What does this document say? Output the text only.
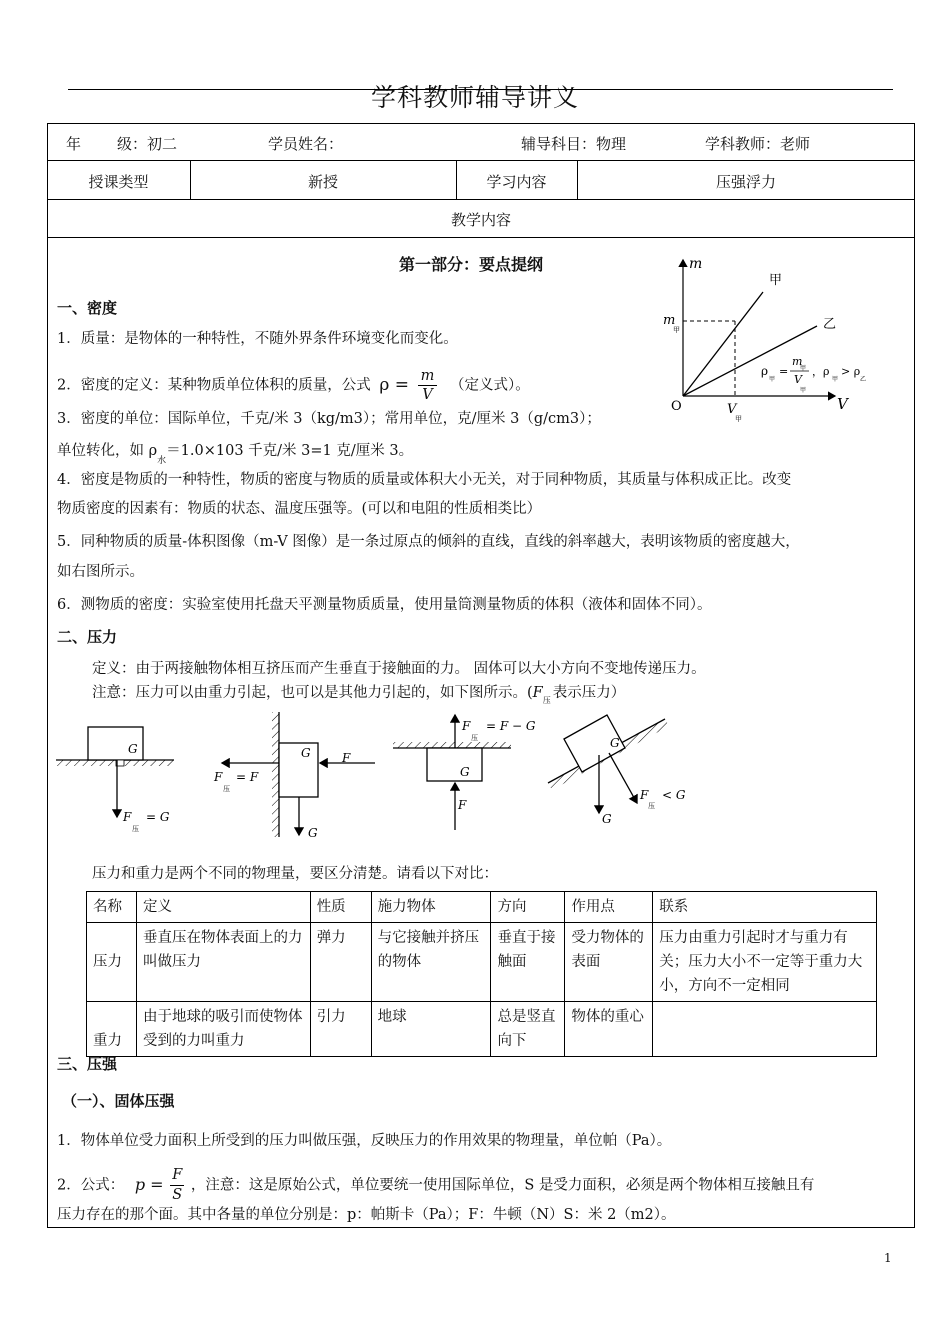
学科教师辅导讲义
年 级：初二	学员姓名：	辅导科目：物理	学科教师：老师
授课类型	新授	学习内容	压强浮力
教学内容
第一部分：要点提纲
一、密度
1．质量：是物体的一种特性，不随外界条件环境变化而变化。
2．密度的定义：某种物质单位体积的质量，公式 $\rho = \frac{m}{V}$ （定义式）。
3．密度的单位：国际单位，千克/米 3（kg/m3）；常用单位，克/厘米 3（g/cm3）；
单位转化，如 $\rho_水=1.0\times 103$ 千克/米 3=1 克/厘米 3。
4．密度是物质的一种特性，物质的密度与物质的质量或体积大小无关，对于同种物质，其质量与体积成正比。改变
物质密度的因素有：物质的状态、温度压强等。(可以和电阻的性质相类比）
5．同种物质的质量-体积图像（m-V 图像）是一条过原点的倾斜的直线，直线的斜率越大，表明该物质的密度越大，
如右图所示。
6．测物质的密度：实验室使用托盘天平测量物质质量，使用量筒测量物质的体积（液体和固体不同）。
m
V
O
甲
乙
m
甲
V
甲
ρ
甲
=
m
甲
V
甲
，ρ
甲
> ρ
乙
二、压力
定义：由于两接触物体相互挤压而产生垂直于接触面的力。 固体可以大小方向不变地传递压力。
注意：压力可以由重力引起，也可以是其他力引起的，如下图所示。($F_压$ 表示压力）
G
F
压
= G
G	F
F
压
= F
G
F
压
= F − G
G
F
G
F
压
< G
G
压力和重力是两个不同的物理量，要区分清楚。请看以下对比：
名称	定义	性质	施力物体	方向	作用点	联系
压力	垂直压在物体表面上的力叫做压力	弹力	与它接触并挤压的物体	垂直于接触面	受力物体的表面	压力由重力引起时才与重力有关；压力大小不一定等于重力大小，方向不一定相同
重力	由于地球的吸引而使物体受到的力叫重力	引力	地球	总是竖直向下	物体的重心	
三、压强
（一）、固体压强
1．物体单位受力面积上所受到的压力叫做压强，反映压力的作用效果的物理量，单位帕（Pa）。
2．公式： $p = \frac{F}{S}$ ，注意：这是原始公式，单位要统一使用国际单位，S 是受力面积，必须是两个物体相互接触且有
压力存在的那个面。其中各量的单位分别是：p：帕斯卡（Pa）；F：牛顿（N）S：米 2（m2）。
1
